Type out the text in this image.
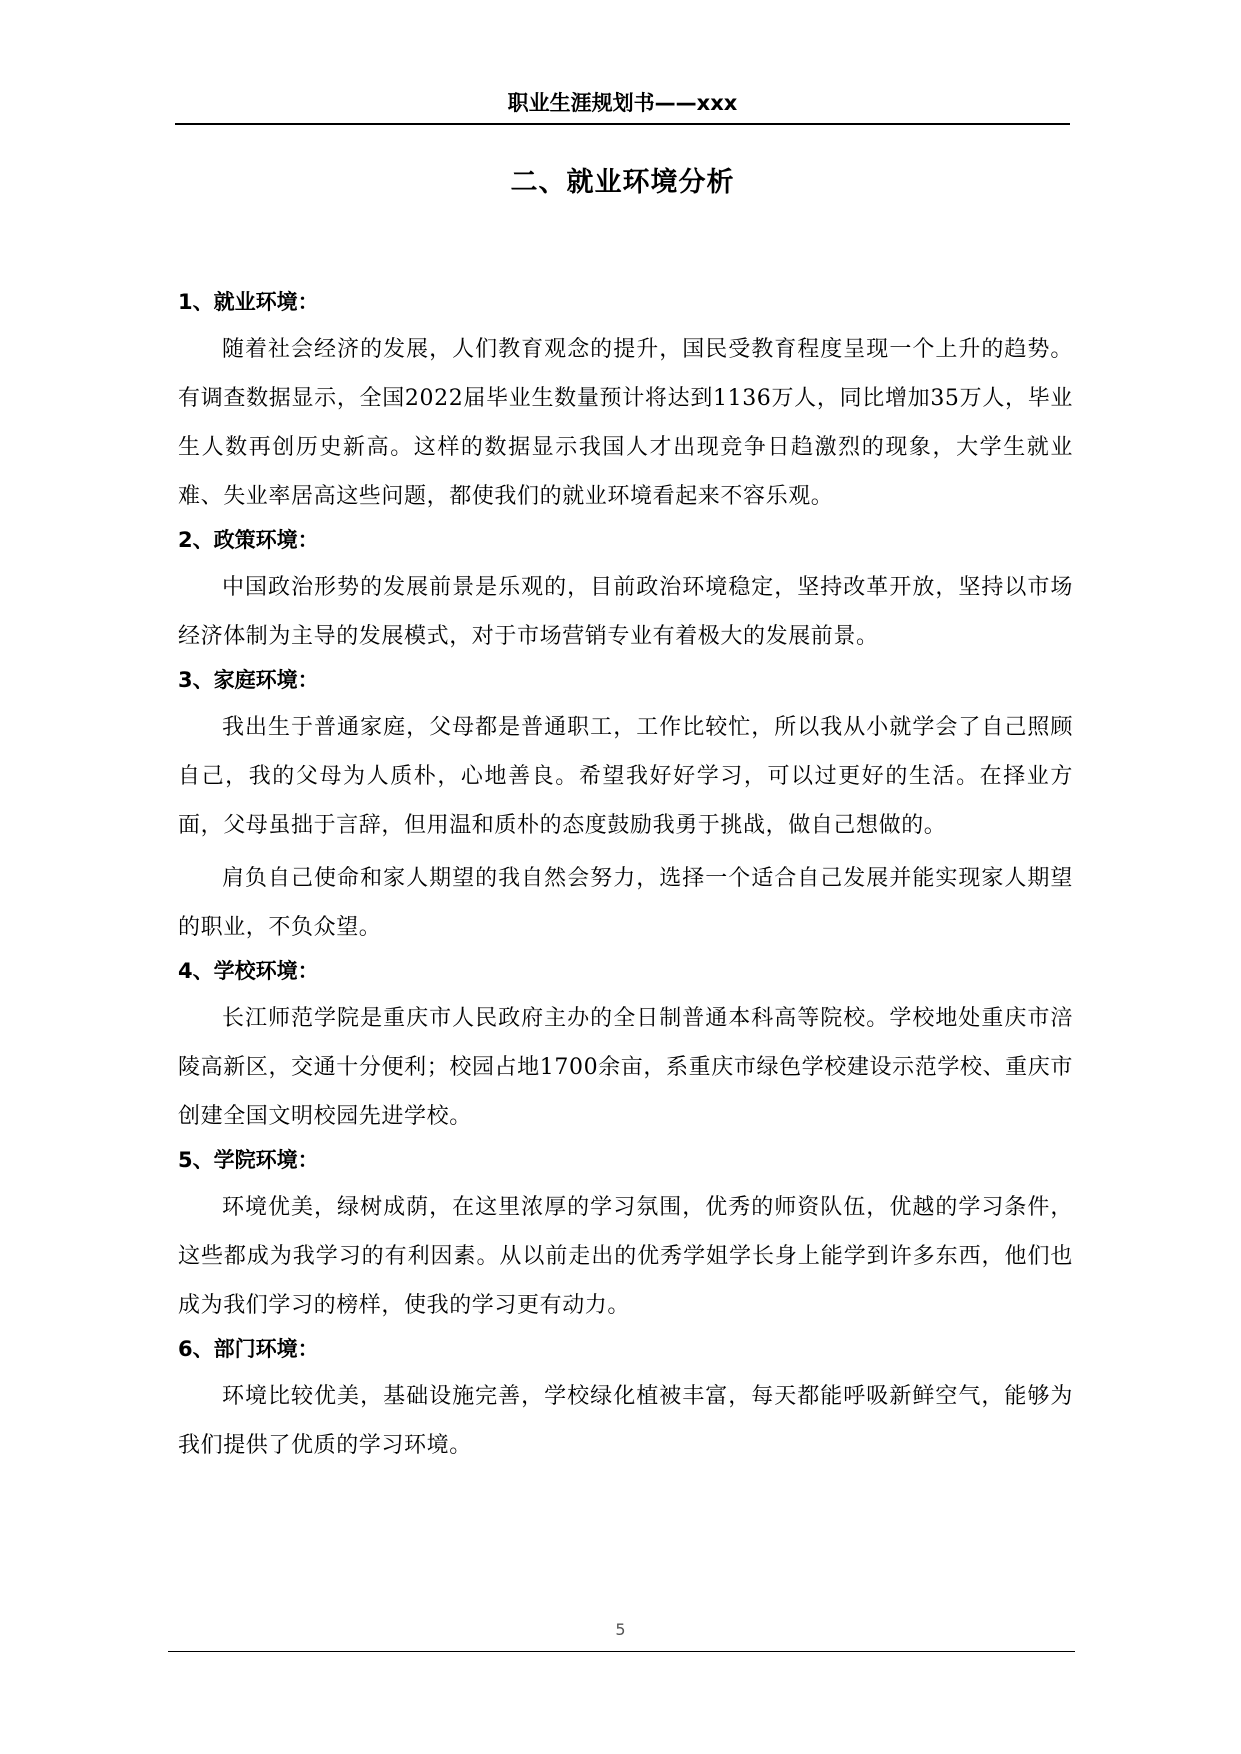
职业生涯规划书——xxx
二、就业环境分析
1、就业环境：

随着社会经济的发展，人们教育观念的提升，国民受教育程度呈现一个上升的趋势。有调查数据显示，全国2022届毕业生数量预计将达到1136万人，同比增加35万人，毕业生人数再创历史新高。这样的数据显示我国人才出现竞争日趋激烈的现象，大学生就业难、失业率居高这些问题，都使我们的就业环境看起来不容乐观。

2、政策环境：

中国政治形势的发展前景是乐观的，目前政治环境稳定，坚持改革开放，坚持以市场经济体制为主导的发展模式，对于市场营销专业有着极大的发展前景。

3、家庭环境：

我出生于普通家庭，父母都是普通职工，工作比较忙，所以我从小就学会了自己照顾自己，我的父母为人质朴，心地善良。希望我好好学习，可以过更好的生活。在择业方面，父母虽拙于言辞，但用温和质朴的态度鼓励我勇于挑战，做自己想做的。

肩负自己使命和家人期望的我自然会努力，选择一个适合自己发展并能实现家人期望的职业，不负众望。

4、学校环境：

长江师范学院是重庆市人民政府主办的全日制普通本科高等院校。学校地处重庆市涪陵高新区，交通十分便利；校园占地1700余亩，系重庆市绿色学校建设示范学校、重庆市创建全国文明校园先进学校。

5、学院环境：

环境优美，绿树成荫，在这里浓厚的学习氛围，优秀的师资队伍，优越的学习条件，这些都成为我学习的有利因素。从以前走出的优秀学姐学长身上能学到许多东西，他们也成为我们学习的榜样，使我的学习更有动力。

6、部门环境：

环境比较优美，基础设施完善，学校绿化植被丰富，每天都能呼吸新鲜空气，能够为我们提供了优质的学习环境。

5
